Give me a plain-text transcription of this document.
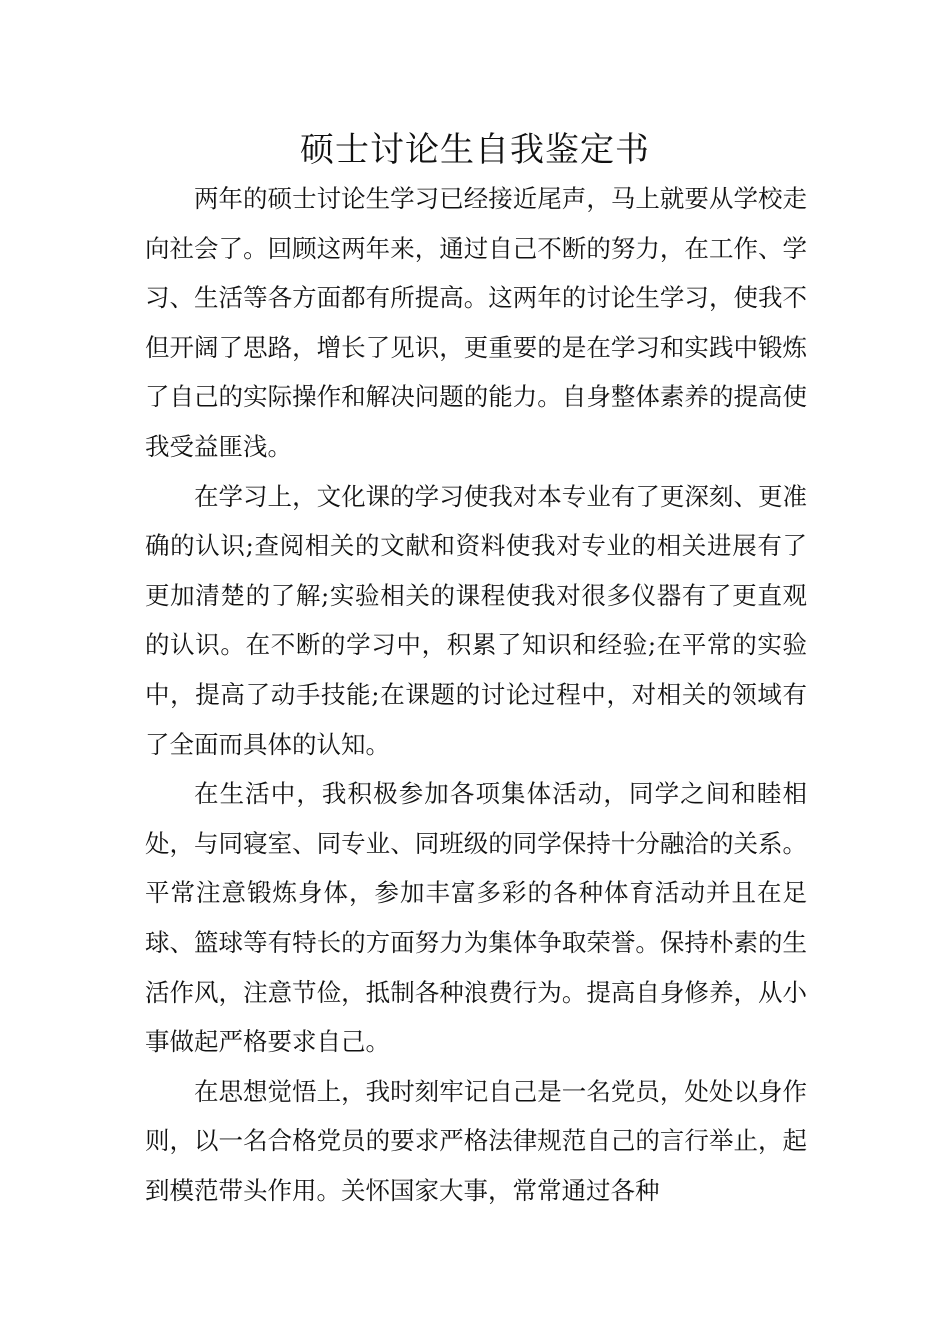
硕士讨论生自我鉴定书

两年的硕士讨论生学习已经接近尾声，马上就要从学校走向社会了。回顾这两年来，通过自己不断的努力，在工作、学习、生活等各方面都有所提高。这两年的讨论生学习，使我不但开阔了思路，增长了见识，更重要的是在学习和实践中锻炼了自己的实际操作和解决问题的能力。自身整体素养的提高使我受益匪浅。

在学习上，文化课的学习使我对本专业有了更深刻、更准确的认识;查阅相关的文献和资料使我对专业的相关进展有了更加清楚的了解;实验相关的课程使我对很多仪器有了更直观的认识。在不断的学习中，积累了知识和经验;在平常的实验中，提高了动手技能;在课题的讨论过程中，对相关的领域有了全面而具体的认知。

在生活中，我积极参加各项集体活动，同学之间和睦相处，与同寝室、同专业、同班级的同学保持十分融洽的关系。平常注意锻炼身体，参加丰富多彩的各种体育活动并且在足球、篮球等有特长的方面努力为集体争取荣誉。保持朴素的生活作风，注意节俭，抵制各种浪费行为。提高自身修养，从小事做起严格要求自己。

在思想觉悟上，我时刻牢记自己是一名党员，处处以身作则，以一名合格党员的要求严格法律规范自己的言行举止，起到模范带头作用。关怀国家大事，常常通过各种
